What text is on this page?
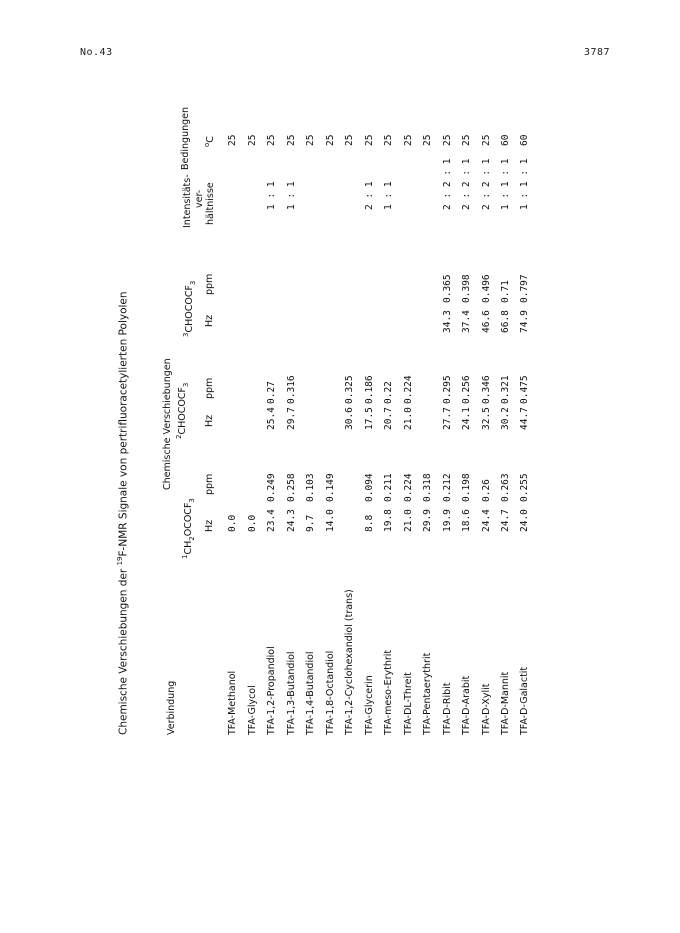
No.43	3787
Chemische Verschiebungen der $^{19}$F-NMR Signale von pertrifluoracetylierten Polyolen
Verbindung
Chemische Verschiebungen
$^1CH_2OCOCF_3$
$^2CHOCOCF_3$
$^3CHOCOCF_3$
Hz
ppm
Hz
ppm
Hz
ppm
Intensitäts- ver- hältnisse
Bedingungen $^o$C
TFA-Methanol
0.0
25
TFA-Glycol
0.0
25
TFA-1,2-Propandiol
23.4
0.249
25.4
0.27
1 : 1
25
TFA-1,3-Butandiol
24.3
0.258
29.7
0.316
1 : 1
25
TFA-1,4-Butandiol
9.7
0.103
25
TFA-1,8-Octandiol
14.0
0.149
25
TFA-1,2-Cyclohexandiol (trans)
30.6
0.325
25
TFA-Glycerin
8.8
0.094
17.5
0.186
2 : 1
25
TFA-meso-Erythrit
19.8
0.211
20.7
0.22
1 : 1
25
TFA-DL-Threit
21.0
0.224
21.0
0.224
25
TFA-Pentaerythrit
29.9
0.318
25
TFA-D-Ribit
19.9
0.212
27.7
0.295
34.3
0.365
2 : 2 : 1
25
TFA-D-Arabit
18.6
0.198
24.1
0.256
37.4
0.398
2 : 2 : 1
25
TFA-D-Xylit
24.4
0.26
32.5
0.346
46.6
0.496
2 : 2 : 1
25
TFA-D-Mannit
24.7
0.263
30.2
0.321
66.8
0.71
1 : 1 : 1
60
TFA-D-Galactit
24.0
0.255
44.7
0.475
74.9
0.797
1 : 1 : 1
60
